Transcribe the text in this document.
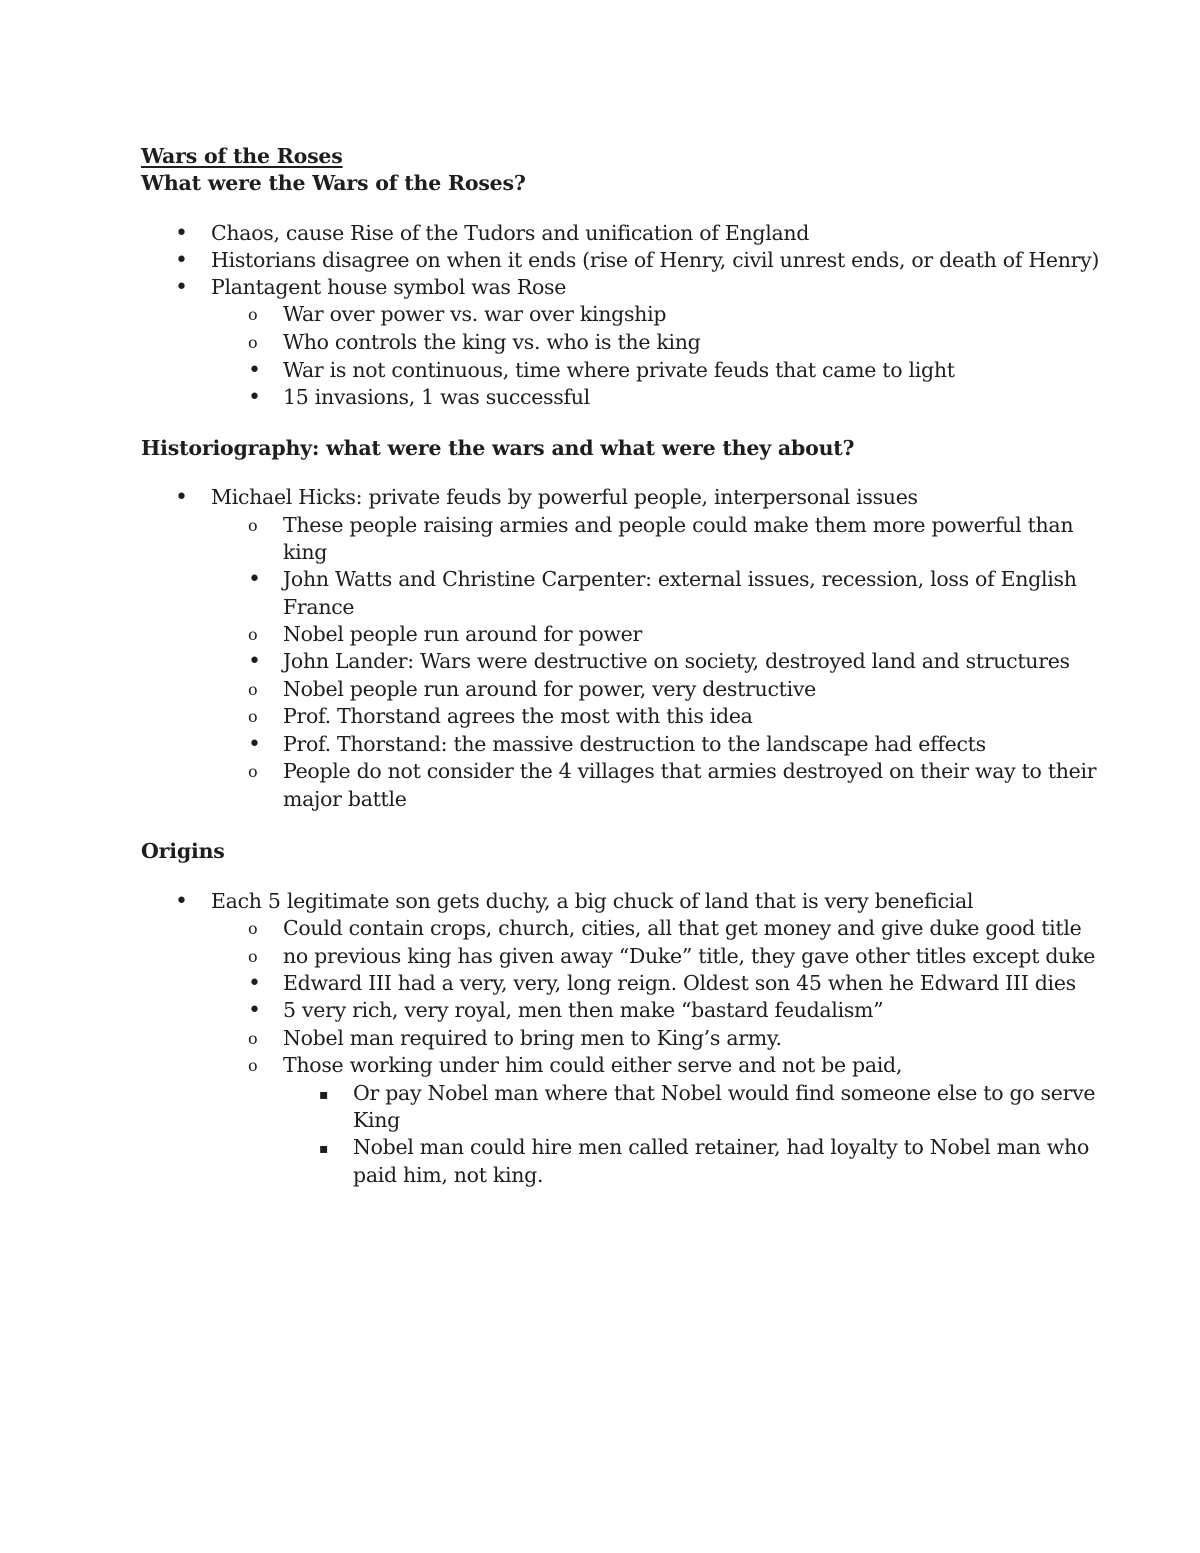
Wars of the Roses
What were the Wars of the Roses?
•
Chaos, cause Rise of the Tudors and unification of England
•
Historians disagree on when it ends (rise of Henry, civil unrest ends, or death of Henry)
•
Plantagent house symbol was Rose
o
War over power vs. war over kingship
o
Who controls the king vs. who is the king
•
War is not continuous, time where private feuds that came to light
•
15 invasions, 1 was successful
Historiography: what were the wars and what were they about?
•
Michael Hicks: private feuds by powerful people, interpersonal issues
o
These people raising armies and people could make them more powerful than
king
•
John Watts and Christine Carpenter: external issues, recession, loss of English
France
o
Nobel people run around for power
•
John Lander: Wars were destructive on society, destroyed land and structures
o
Nobel people run around for power, very destructive
o
Prof. Thorstand agrees the most with this idea
•
Prof. Thorstand: the massive destruction to the landscape had effects
o
People do not consider the 4 villages that armies destroyed on their way to their
major battle
Origins
•
Each 5 legitimate son gets duchy, a big chuck of land that is very beneficial
o
Could contain crops, church, cities, all that get money and give duke good title
o
no previous king has given away “Duke” title, they gave other titles except duke
•
Edward III had a very, very, long reign. Oldest son 45 when he Edward III dies
•
5 very rich, very royal, men then make “bastard feudalism”
o
Nobel man required to bring men to King’s army.
o
Those working under him could either serve and not be paid,
▪
Or pay Nobel man where that Nobel would find someone else to go serve
King
▪
Nobel man could hire men called retainer, had loyalty to Nobel man who
paid him, not king.
